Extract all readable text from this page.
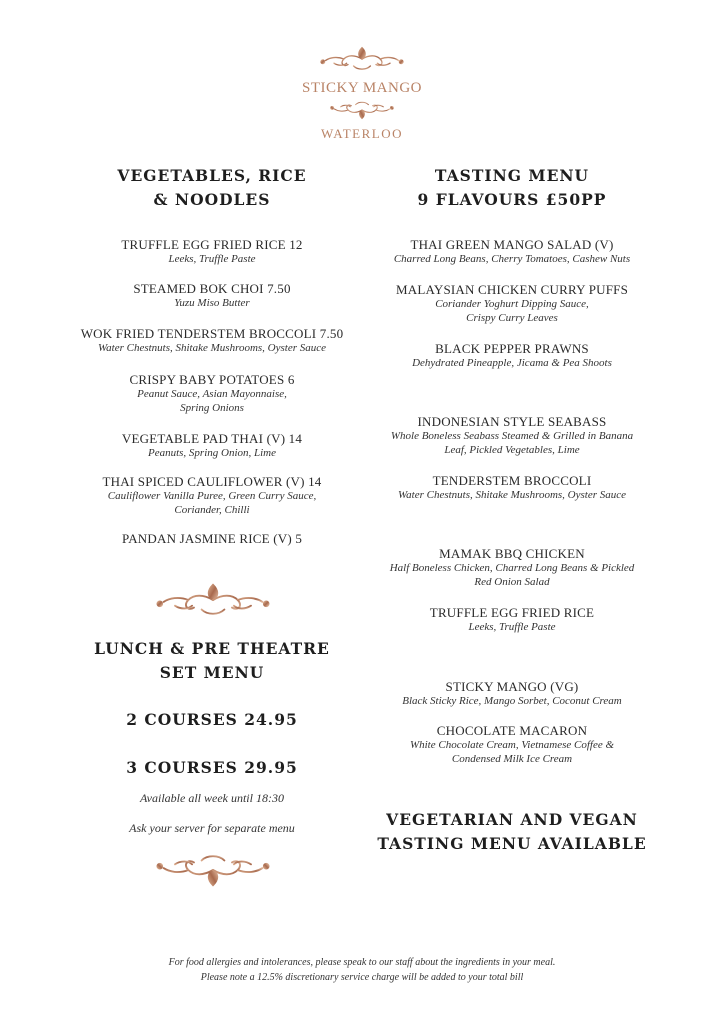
STICKY MANGO
WATERLOO
VEGETABLES, RICE
& NOODLES
TRUFFLE EGG FRIED RICE 12
Leeks, Truffle Paste
STEAMED BOK CHOI 7.50
Yuzu Miso Butter
WOK FRIED TENDERSTEM BROCCOLI 7.50
Water Chestnuts, Shitake Mushrooms, Oyster Sauce
CRISPY BABY POTATOES 6
Peanut Sauce, Asian Mayonnaise,
Spring Onions
VEGETABLE PAD THAI (V) 14
Peanuts, Spring Onion, Lime
THAI SPICED CAULIFLOWER (V) 14
Cauliflower Vanilla Puree, Green Curry Sauce,
Coriander, Chilli
PANDAN JASMINE RICE (V) 5
LUNCH & PRE THEATRE
SET MENU
2 COURSES 24.95
3 COURSES 29.95
Available all week until 18:30
Ask your server for separate menu
TASTING MENU
9 FLAVOURS £50PP
THAI GREEN MANGO SALAD (V)
Charred Long Beans, Cherry Tomatoes, Cashew Nuts
MALAYSIAN CHICKEN CURRY PUFFS
Coriander Yoghurt Dipping Sauce,
Crispy Curry Leaves
BLACK PEPPER PRAWNS
Dehydrated Pineapple, Jicama & Pea Shoots
INDONESIAN STYLE SEABASS
Whole Boneless Seabass Steamed & Grilled in Banana
Leaf, Pickled Vegetables, Lime
TENDERSTEM BROCCOLI
Water Chestnuts, Shitake Mushrooms, Oyster Sauce
MAMAK BBQ CHICKEN
Half Boneless Chicken, Charred Long Beans & Pickled
Red Onion Salad
TRUFFLE EGG FRIED RICE
Leeks, Truffle Paste
STICKY MANGO (VG)
Black Sticky Rice, Mango Sorbet, Coconut Cream
CHOCOLATE MACARON
White Chocolate Cream, Vietnamese Coffee &
Condensed Milk Ice Cream
VEGETARIAN AND VEGAN
TASTING MENU AVAILABLE
For food allergies and intolerances, please speak to our staff about the ingredients in your meal.
Please note a 12.5% discretionary service charge will be added to your total bill
